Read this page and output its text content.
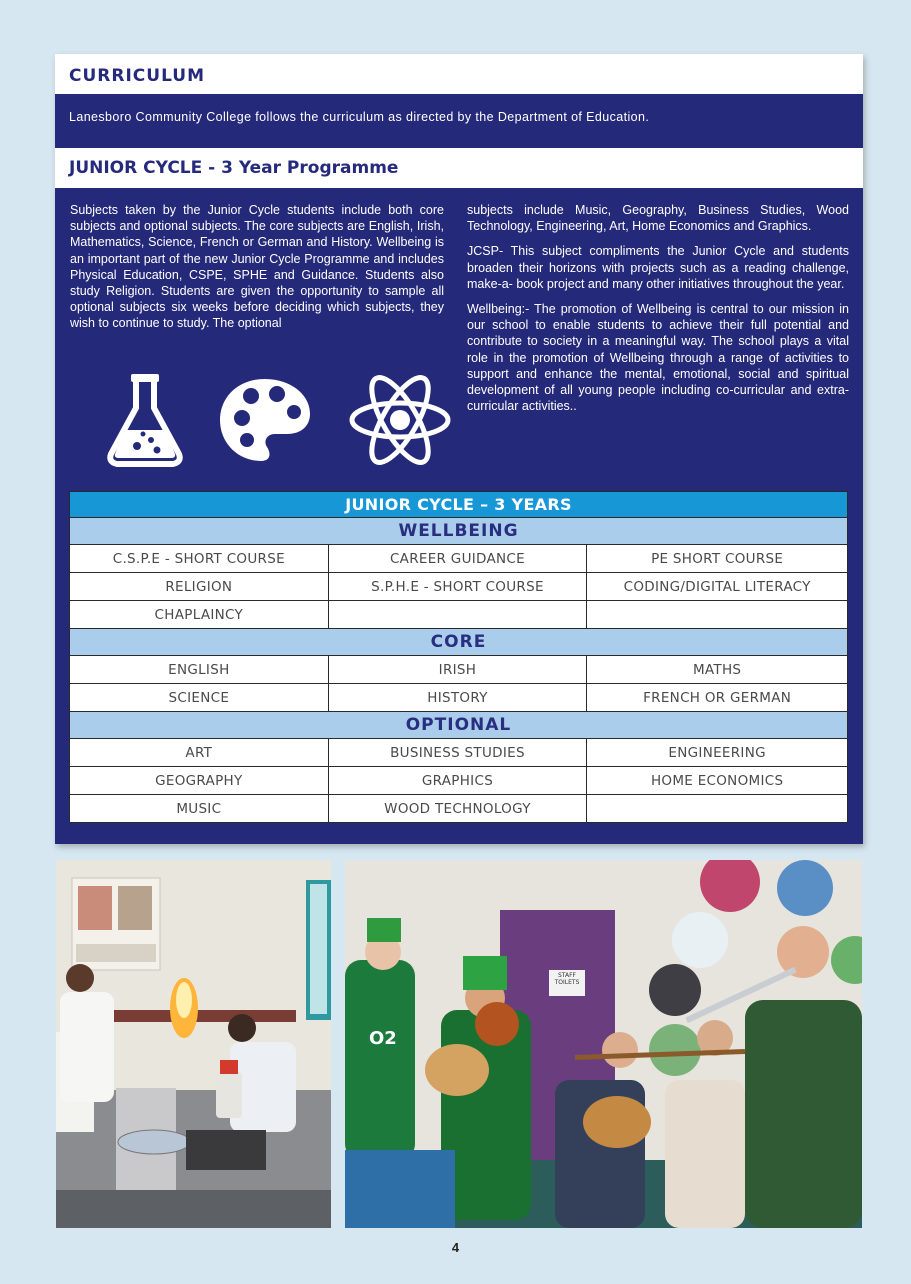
CURRICULUM
Lanesboro Community College follows the curriculum as directed by the Department of Education.
JUNIOR CYCLE - 3 Year Programme
Subjects taken by the Junior Cycle students include both core subjects and optional subjects. The core subjects are English, Irish, Mathematics, Science, French or German and History. Wellbeing is an important part of the new Junior Cycle Programme and includes Physical Education, CSPE, SPHE and Guidance. Students also study Religion. Students are given the opportunity to sample all optional subjects six weeks before deciding which subjects, they wish to continue to study. The optional

subjects include Music, Geography, Business Studies, Wood Technology, Engineering, Art, Home Economics and Graphics.

JCSP- This subject compliments the Junior Cycle and students broaden their horizons with projects such as a reading challenge, make-a- book project and many other initiatives throughout the year.

Wellbeing:- The promotion of Wellbeing is central to our mission in our school to enable students to achieve their full potential and contribute to society in a meaningful way. The school plays a vital role in the promotion of Wellbeing through a range of activities to support and enhance the mental, emotional, social and spiritual development of all young people including co-curricular and extra-curricular activities..

JUNIOR CYCLE – 3 YEARS		
WELLBEING		
C.S.P.E - SHORT COURSE	CAREER GUIDANCE	PE SHORT COURSE
RELIGION	S.P.H.E - SHORT COURSE	CODING/DIGITAL LITERACY
CHAPLAINCY		
CORE		
ENGLISH	IRISH	MATHS
SCIENCE	HISTORY	FRENCH OR GERMAN
OPTIONAL		
ART	BUSINESS STUDIES	ENGINEERING
GEOGRAPHY	GRAPHICS	HOME ECONOMICS
MUSIC	WOOD TECHNOLOGY	
STAFF TOILETS
O2
4
